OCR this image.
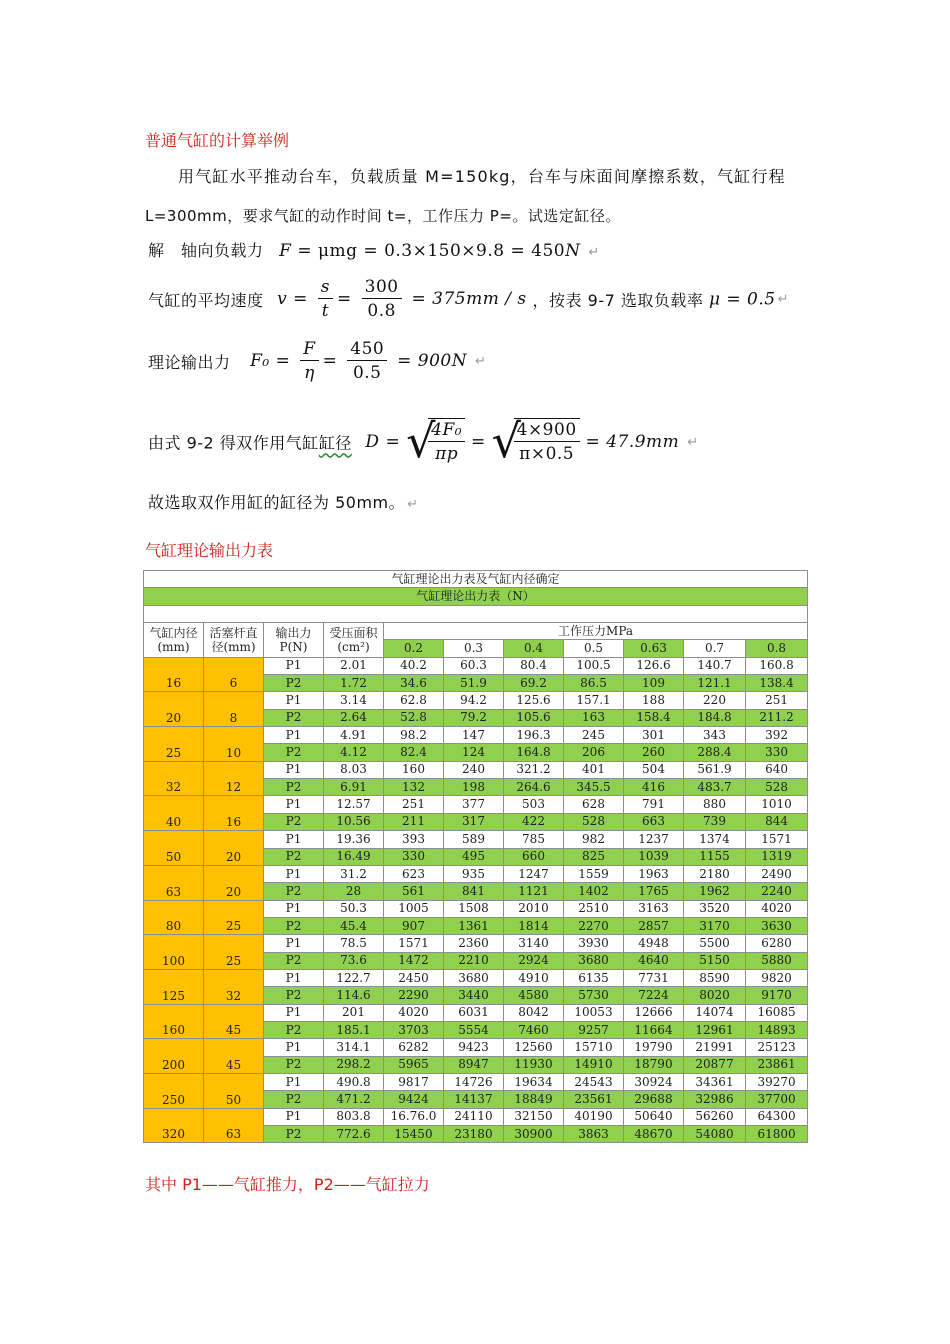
普通气缸的计算举例
用气缸水平推动台车，负载质量 M=150kg，台车与床面间摩擦系数，气缸行程
L=300mm，要求气缸的动作时间 t=，工作压力 P=。试选定缸径。
解　轴向负载力 F = μmg = 0.3×150×9.8 = 450N ↵
气缸的平均速度 $v = \frac{s}{t} = \frac{300}{0.8} = 375mm / s$ ，按表 9-7 选取负载率 μ = 0.5 ↵
理论输出力 $F_0 = \frac{F}{\eta} = \frac{450}{0.5} = 900N$ ↵
由式 9-2 得双作用气缸缸径 D = √
$\frac{\text{4F₀}}{\pi p}$ = √
$\frac{4\times 900}{\pi\times 0.5} = 47.9mm$ ↵
故选取双作用缸的缸径为 50mm。 ↵
气缸理论输出力表
气缸理论出力表及气缸内径确定										
气缸理论出力表（N）										

气缸内径(mm)	活塞杆直径(mm)	输出力P(N)	受压面积(cm²)	工作压力MPa						
				0.2	0.3	0.4	0.5	0.63	0.7	0.8
16	6	P1	2.01	40.2	60.3	80.4	100.5	126.6	140.7	160.8
		P2	1.72	34.6	51.9	69.2	86.5	109	121.1	138.4
20	8	P1	3.14	62.8	94.2	125.6	157.1	188	220	251
		P2	2.64	52.8	79.2	105.6	163	158.4	184.8	211.2
25	10	P1	4.91	98.2	147	196.3	245	301	343	392
		P2	4.12	82.4	124	164.8	206	260	288.4	330
32	12	P1	8.03	160	240	321.2	401	504	561.9	640
		P2	6.91	132	198	264.6	345.5	416	483.7	528
40	16	P1	12.57	251	377	503	628	791	880	1010
		P2	10.56	211	317	422	528	663	739	844
50	20	P1	19.36	393	589	785	982	1237	1374	1571
		P2	16.49	330	495	660	825	1039	1155	1319
63	20	P1	31.2	623	935	1247	1559	1963	2180	2490
		P2	28	561	841	1121	1402	1765	1962	2240
80	25	P1	50.3	1005	1508	2010	2510	3163	3520	4020
		P2	45.4	907	1361	1814	2270	2857	3170	3630
100	25	P1	78.5	1571	2360	3140	3930	4948	5500	6280
		P2	73.6	1472	2210	2924	3680	4640	5150	5880
125	32	P1	122.7	2450	3680	4910	6135	7731	8590	9820
		P2	114.6	2290	3440	4580	5730	7224	8020	9170
160	45	P1	201	4020	6031	8042	10053	12666	14074	16085
		P2	185.1	3703	5554	7460	9257	11664	12961	14893
200	45	P1	314.1	6282	9423	12560	15710	19790	21991	25123
		P2	298.2	5965	8947	11930	14910	18790	20877	23861
250	50	P1	490.8	9817	14726	19634	24543	30924	34361	39270
		P2	471.2	9424	14137	18849	23561	29688	32986	37700
320	63	P1	803.8	16.76.0	24110	32150	40190	50640	56260	64300
		P2	772.6	15450	23180	30900	3863	48670	54080	61800
其中 P1——气缸推力，P2——气缸拉力
